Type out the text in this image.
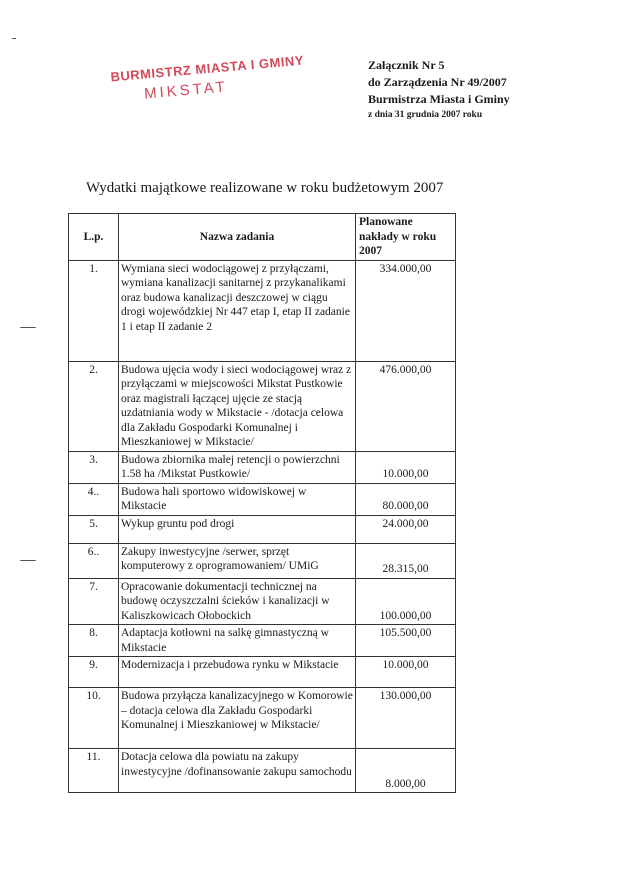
Załącznik Nr 5
do Zarządzenia Nr 49/2007
Burmistrza Miasta i Gminy
z dnia 31 grudnia 2007 roku
BURMISTRZ MIASTA I GMINY
MIKSTAT
Wydatki majątkowe realizowane w roku budżetowym 2007
L.p.	Nazwa zadania	Planowane nakłady w roku 2007
1.	Wymiana sieci wodociągowej z przyłączami, wymiana kanalizacji sanitarnej z przykanalikami oraz budowa kanalizacji deszczowej w ciągu drogi wojewódzkiej Nr 447 etap I, etap II zadanie 1 i etap II zadanie 2	334.000,00
2.	Budowa ujęcia wody i sieci wodociągowej wraz z przyłączami w miejscowości Mikstat Pustkowie oraz magistrali łączącej ujęcie ze stacją uzdatniania wody w Mikstacie - /dotacja celowa dla Zakładu Gospodarki Komunalnej i Mieszkaniowej w Mikstacie/	476.000,00
3.	Budowa zbiornika małej retencji o powierzchni 1.58 ha /Mikstat Pustkowie/	10.000,00
4..	Budowa hali sportowo widowiskowej w Mikstacie	80.000,00
5.	Wykup gruntu pod drogi	24.000,00
6..	Zakupy inwestycyjne /serwer, sprzęt komputerowy z oprogramowaniem/ UMiG	28.315,00
7.	Opracowanie dokumentacji technicznej na budowę oczyszczalni ścieków i kanalizacji w Kaliszkowicach Ołobockich	100.000,00
8.	Adaptacja kotłowni na salkę gimnastyczną w Mikstacie	105.500,00
9.	Modernizacja i przebudowa rynku w Mikstacie	10.000,00
10.	Budowa przyłącza kanalizacyjnego w Komorowie – dotacja celowa dla Zakładu Gospodarki Komunalnej i Mieszkaniowej w Mikstacie/	130.000,00
11.	Dotacja celowa dla powiatu na zakupy inwestycyjne /dofinansowanie zakupu samochodu	8.000,00
